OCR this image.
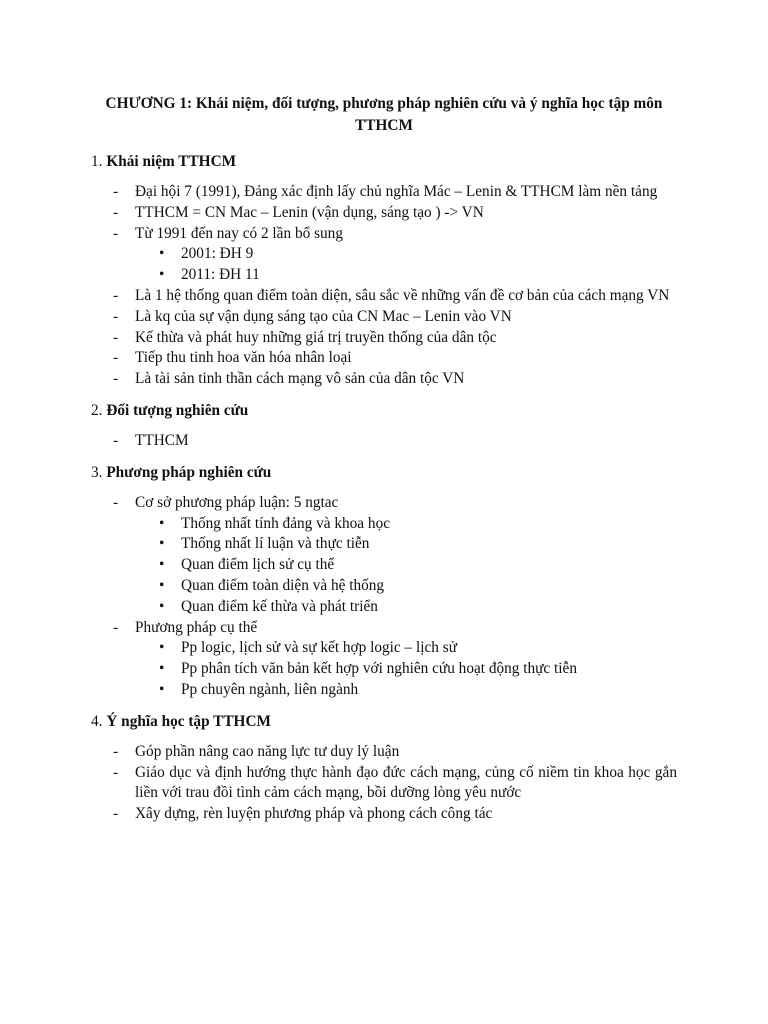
CHƯƠNG 1: Khái niệm, đối tượng, phương pháp nghiên cứu và ý nghĩa học tập môn TTHCM

1. Khái niệm TTHCM

- Đại hội 7 (1991), Đảng xác định lấy chủ nghĩa Mác – Lenin & TTHCM làm nền tảng
- TTHCM = CN Mac – Lenin (vận dụng, sáng tạo ) -> VN
- Từ 1991 đến nay có 2 lần bổ sung
• 2001: ĐH 9
• 2011: ĐH 11
- Là 1 hệ thống quan điểm toàn diện, sâu sắc về những vấn đề cơ bản của cách mạng VN
- Là kq của sự vận dụng sáng tạo của CN Mac – Lenin vào VN
- Kế thừa và phát huy những giá trị truyền thống của dân tộc
- Tiếp thu tinh hoa văn hóa nhân loại
- Là tài sản tinh thần cách mạng vô sản của dân tộc VN

2. Đối tượng nghiên cứu

- TTHCM

3. Phương pháp nghiên cứu

- Cơ sở phương pháp luận: 5 ngtac
• Thống nhất tính đảng và khoa học
• Thống nhất lí luận và thực tiễn
• Quan điểm lịch sử cụ thể
• Quan điểm toàn diện và hệ thống
• Quan điểm kế thừa và phát triển
- Phương pháp cụ thể
• Pp logic, lịch sử và sự kết hợp logic – lịch sử
• Pp phân tích văn bản kết hợp với nghiên cứu hoạt động thực tiễn
• Pp chuyên ngành, liên ngành

4. Ý nghĩa học tập TTHCM

- Góp phần nâng cao năng lực tư duy lý luận
- Giáo dục và định hướng thực hành đạo đức cách mạng, củng cố niềm tin khoa học gắn liền với trau đồi tình cảm cách mạng, bồi dưỡng lòng yêu nước
- Xây dựng, rèn luyện phương pháp và phong cách công tác
